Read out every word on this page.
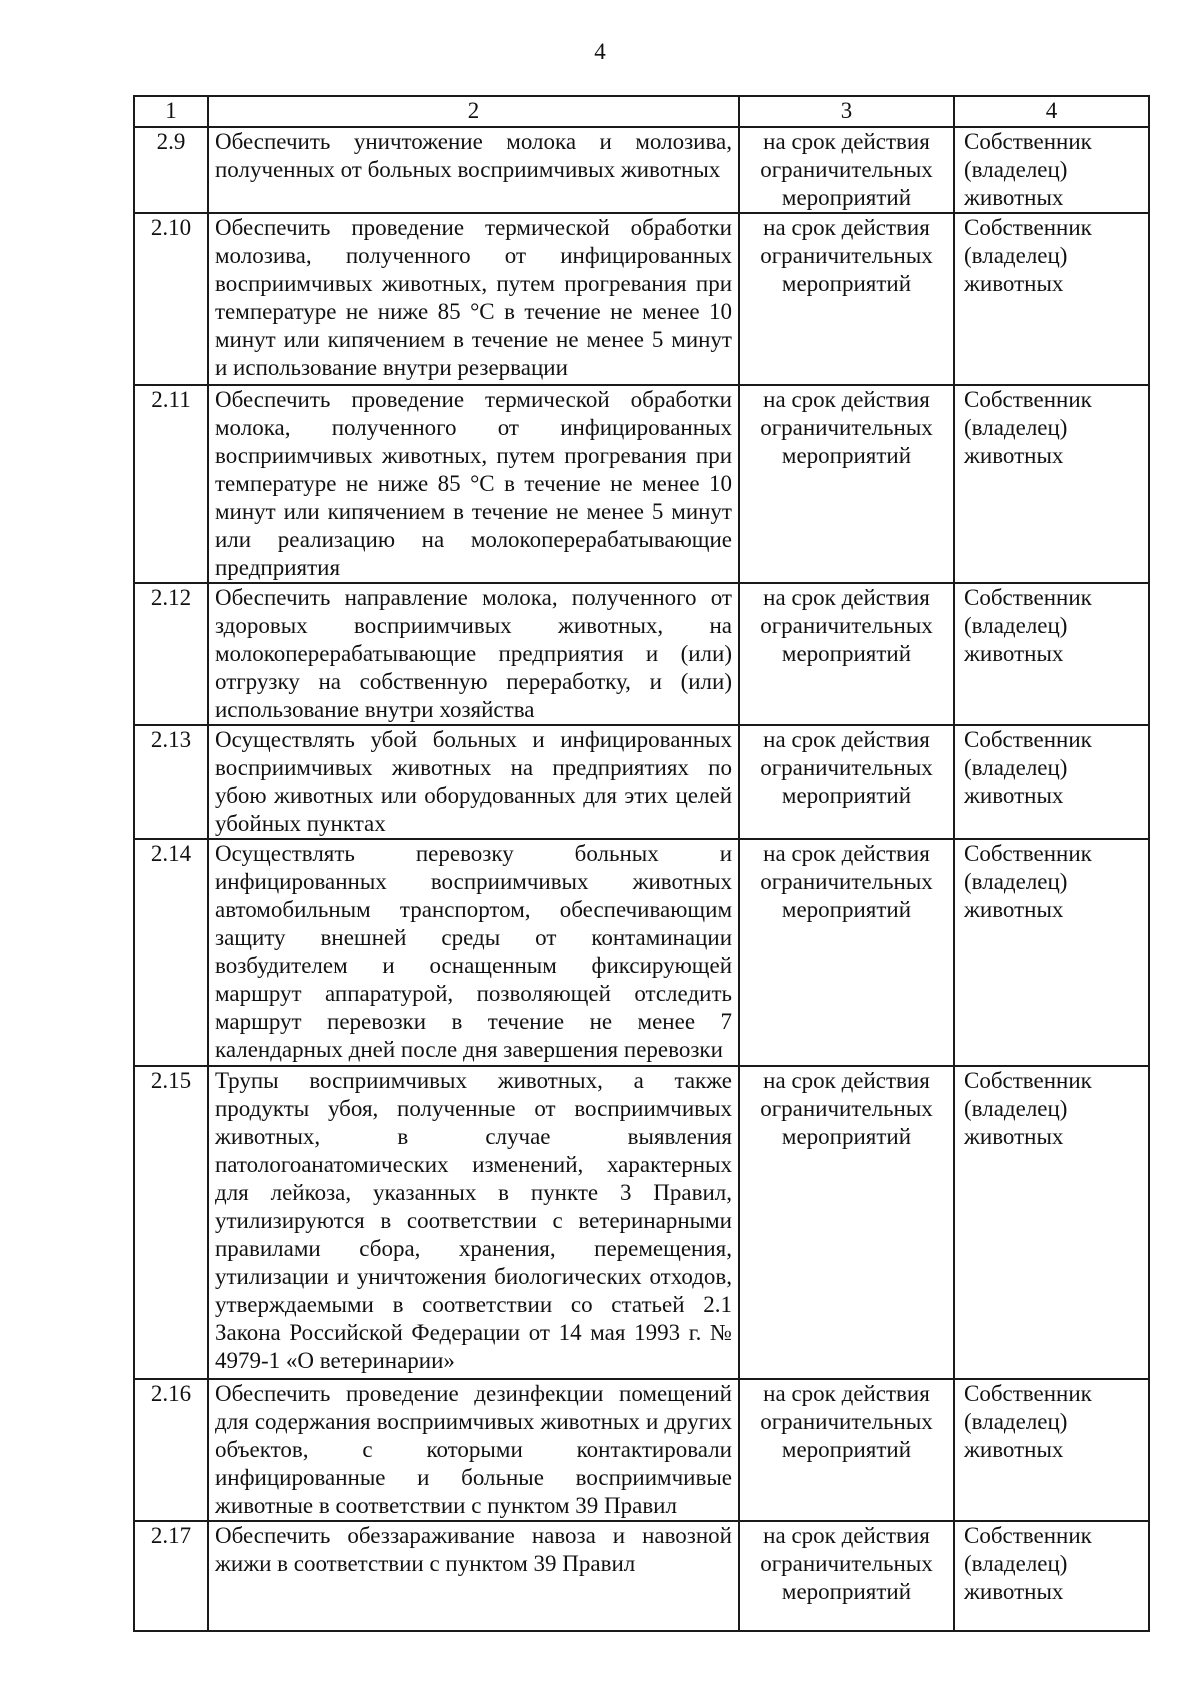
4
1	2	3	4
2.9	Обеспечить уничтожение молока и молозива, полученных от больных восприимчивых животных	на срок действия ограничительных мероприятий	Собственник (владелец) животных
2.10	Обеспечить проведение термической обработки молозива, полученного от инфицированных восприимчивых животных, путем прогревания при температуре не ниже 85 °С в течение не менее 10 минут или кипячением в течение не менее 5 минут и использование внутри резервации	на срок действия ограничительных мероприятий	Собственник (владелец) животных
2.11	Обеспечить проведение термической обработки молока, полученного от инфицированных восприимчивых животных, путем прогревания при температуре не ниже 85 °С в течение не менее 10 минут или кипячением в течение не менее 5 минут или реализацию на молокоперерабатывающие предприятия	на срок действия ограничительных мероприятий	Собственник (владелец) животных
2.12	Обеспечить направление молока, полученного от здоровых восприимчивых животных, на молокоперерабатывающие предприятия и (или) отгрузку на собственную переработку, и (или) использование внутри хозяйства	на срок действия ограничительных мероприятий	Собственник (владелец) животных
2.13	Осуществлять убой больных и инфицированных восприимчивых животных на предприятиях по убою животных или оборудованных для этих целей убойных пунктах	на срок действия ограничительных мероприятий	Собственник (владелец) животных
2.14	Осуществлять перевозку больных и инфицированных восприимчивых животных автомобильным транспортом, обеспечивающим защиту внешней среды от контаминации возбудителем и оснащенным фиксирующей маршрут аппаратурой, позволяющей отследить маршрут перевозки в течение не менее 7 календарных дней после дня завершения перевозки	на срок действия ограничительных мероприятий	Собственник (владелец) животных
2.15	Трупы восприимчивых животных, а также продукты убоя, полученные от восприимчивых животных, в случае выявления патологоанатомических изменений, характерных для лейкоза, указанных в пункте 3 Правил, утилизируются в соответствии с ветеринарными правилами сбора, хранения, перемещения, утилизации и уничтожения биологических отходов, утверждаемыми в соответствии со статьей 2.1 Закона Российской Федерации от 14 мая 1993 г. № 4979-1 «О ветеринарии»	на срок действия ограничительных мероприятий	Собственник (владелец) животных
2.16	Обеспечить проведение дезинфекции помещений для содержания восприимчивых животных и других объектов, с которыми контактировали инфицированные и больные восприимчивые животные в соответствии с пунктом 39 Правил	на срок действия ограничительных мероприятий	Собственник (владелец) животных
2.17	Обеспечить обеззараживание навоза и навозной жижи в соответствии с пунктом 39 Правил	на срок действия ограничительных мероприятий	Собственник (владелец) животных
